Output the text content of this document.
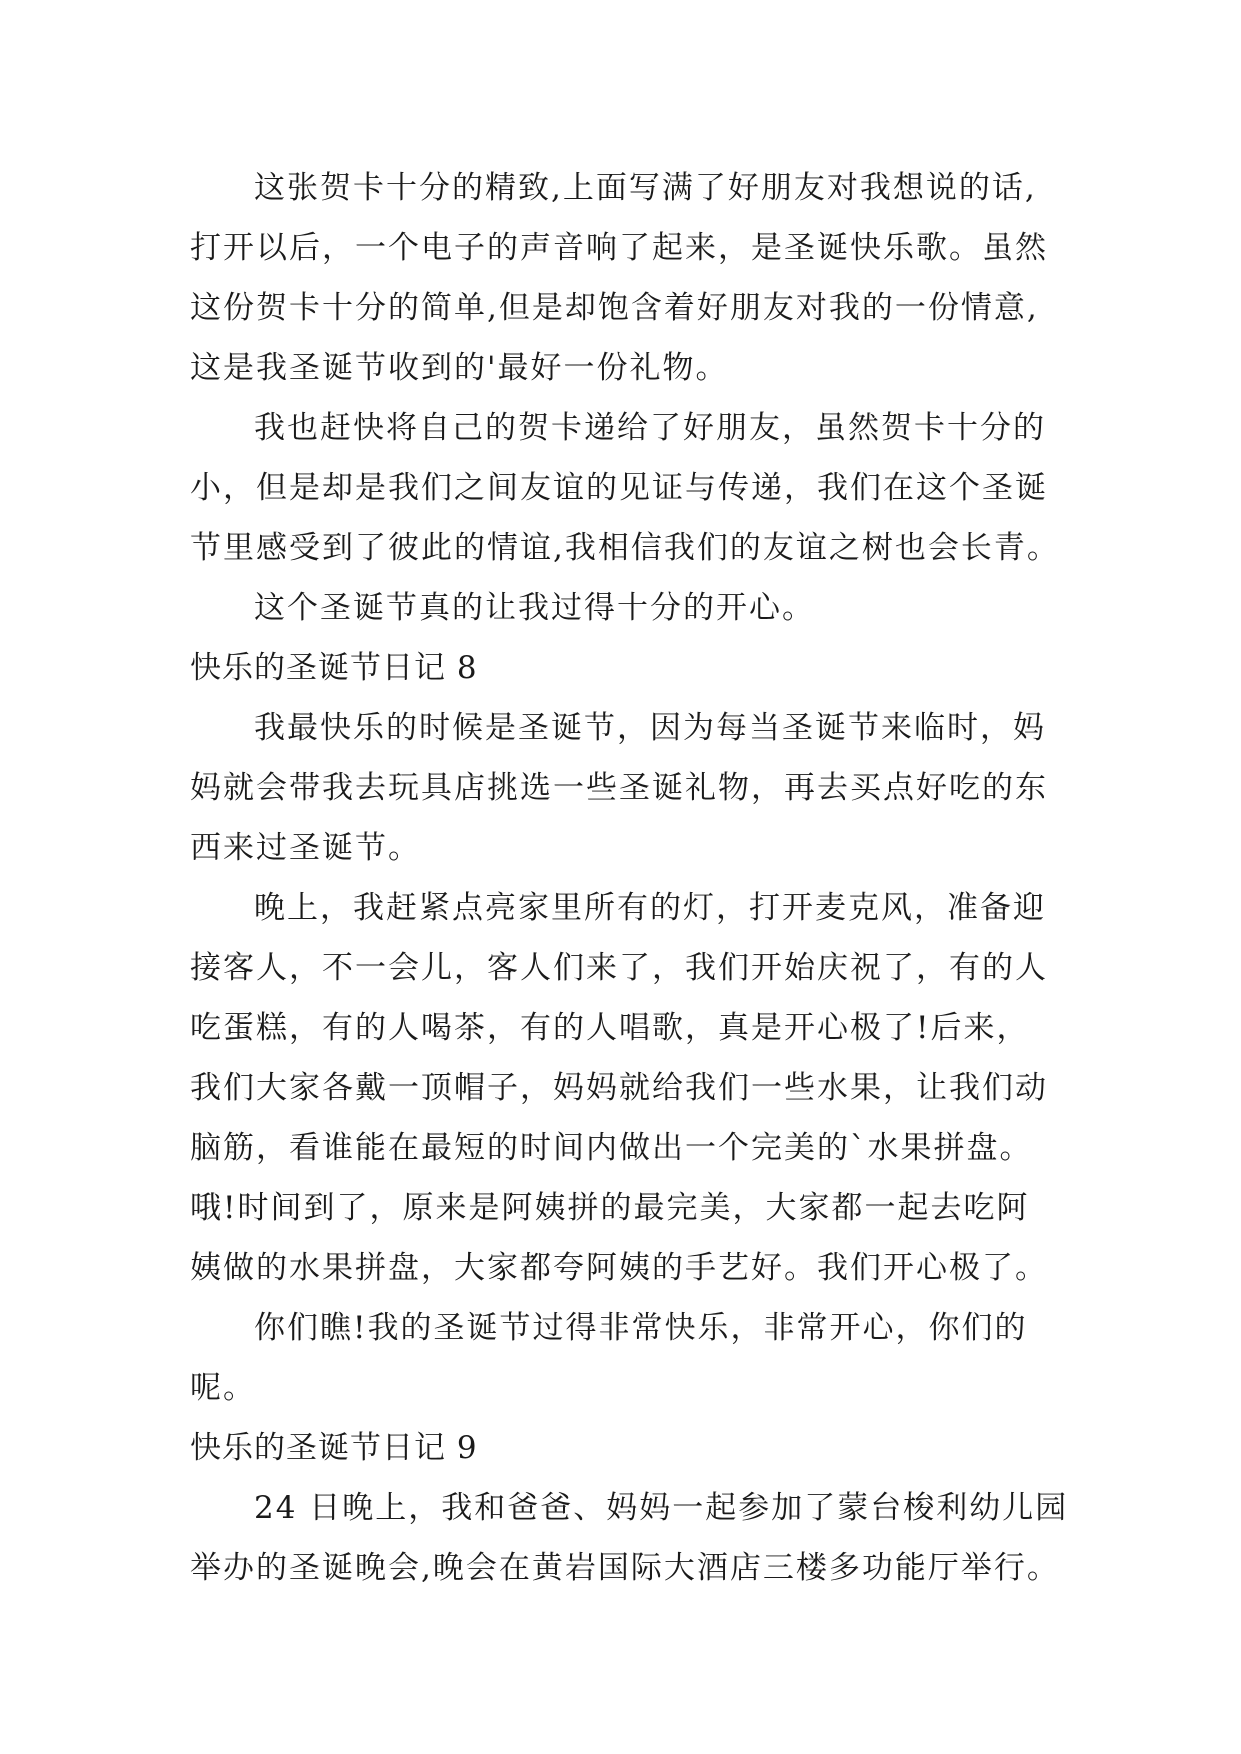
这张贺卡十分的精致,上面写满了好朋友对我想说的话,
打开以后，一个电子的声音响了起来，是圣诞快乐歌。虽然
这份贺卡十分的简单,但是却饱含着好朋友对我的一份情意,
这是我圣诞节收到的'最好一份礼物。
我也赶快将自己的贺卡递给了好朋友，虽然贺卡十分的
小，但是却是我们之间友谊的见证与传递，我们在这个圣诞
节里感受到了彼此的情谊,我相信我们的友谊之树也会长青。
这个圣诞节真的让我过得十分的开心。
快乐的圣诞节日记 8
我最快乐的时候是圣诞节，因为每当圣诞节来临时，妈
妈就会带我去玩具店挑选一些圣诞礼物，再去买点好吃的东
西来过圣诞节。
晚上，我赶紧点亮家里所有的灯，打开麦克风，准备迎
接客人，不一会儿，客人们来了，我们开始庆祝了，有的人
吃蛋糕，有的人喝茶，有的人唱歌，真是开心极了!后来，
我们大家各戴一顶帽子，妈妈就给我们一些水果，让我们动
脑筋，看谁能在最短的时间内做出一个完美的`水果拼盘。
哦!时间到了，原来是阿姨拼的最完美，大家都一起去吃阿
姨做的水果拼盘，大家都夸阿姨的手艺好。我们开心极了。
你们瞧!我的圣诞节过得非常快乐，非常开心，你们的
呢。
快乐的圣诞节日记 9
24 日晚上，我和爸爸、妈妈一起参加了蒙台梭利幼儿园
举办的圣诞晚会,晚会在黄岩国际大酒店三楼多功能厅举行。
